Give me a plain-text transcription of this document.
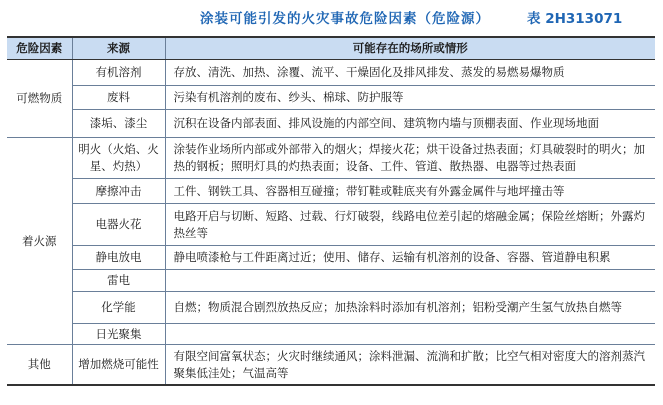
涂装可能引发的火灾事故危险因素（危险源）	表 2H313071
危险因素	来源	可能存在的场所或情形
可燃物质	有机溶剂	存放、清洗、加热、涂覆、流平、干燥固化及排风排发、蒸发的易燃易爆物质
	废料	污染有机溶剂的废布、纱头、棉球、防护服等
	漆垢、漆尘	沉积在设备内部表面、排风设施的内部空间、建筑物内墙与顶棚表面、作业现场地面
着火源	明火（火焰、火星、灼热）	涂装作业场所内部或外部带入的烟火；焊接火花；烘干设备过热表面；灯具破裂时的明火；加热的钢板；照明灯具的灼热表面；设备、工件、管道、散热器、电器等过热表面
	摩擦冲击	工件、钢铁工具、容器相互碰撞；带钉鞋或鞋底夹有外露金属件与地坪撞击等
	电器火花	电路开启与切断、短路、过载、行灯破裂，线路电位差引起的熔融金属；保险丝熔断；外露灼热丝等
	静电放电	静电喷漆枪与工件距离过近；使用、储存、运输有机溶剂的设备、容器、管道静电积累
	雷电	
	化学能	自燃；物质混合剧烈放热反应；加热涂料时添加有机溶剂；铝粉受潮产生氢气放热自燃等
	日光聚集	
其他	增加燃烧可能性	有限空间富氧状态；火灾时继续通风；涂料泄漏、流淌和扩散；比空气相对密度大的溶剂蒸汽聚集低洼处；气温高等
